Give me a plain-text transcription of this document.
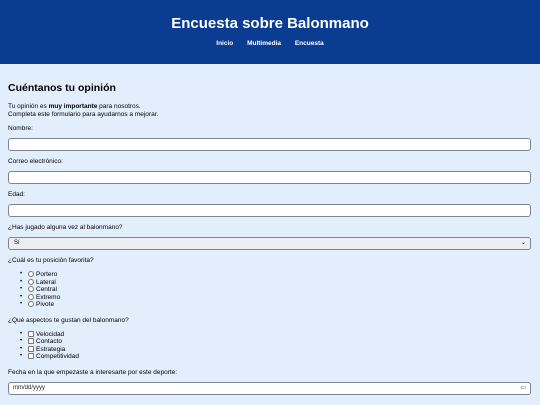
Encuesta sobre Balonmano
Inicio Multimedia Encuesta
Cuéntanos tu opinión

Tu opinión es muy importante para nosotros.
Completa este formulario para ayudarnos a mejorar.

Nombre:

Correo electrónico:

Edad:

¿Has jugado alguna vez al balonmano?

Sí	⌄

¿Cuál es tu posición favorita?

• Portero
• Lateral
• Central
• Extremo
• Pivote

¿Qué aspectos te gustan del balonmano?

• Velocidad
• Contacto
• Estrategia
• Competitividad

Fecha en la que empezaste a interesarte por este deporte:

mm/dd/yyyy	▭
